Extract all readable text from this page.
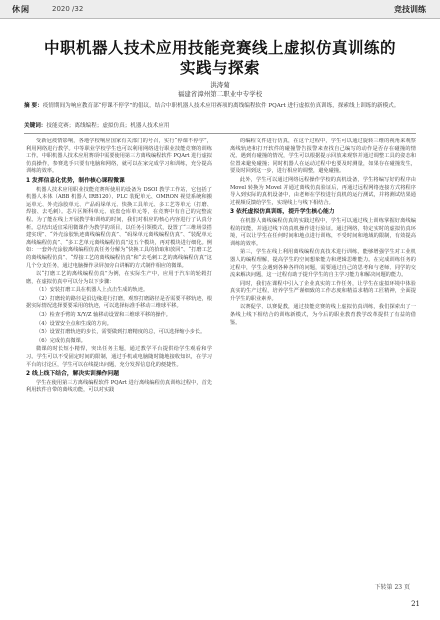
休闲	2020 /32	竞技训练
中职机器人技术应用技能竞赛线上虚拟仿真训练的
实践与探索
洪涛菊
福建省漳州第二职业中专学校
摘 要：疫情期间为响应教育部“停课不停学”的倡议，结合中职机器人技术应用赛项的离线编程软件 PQArt 进行虚拟仿真训练，探索线上训练的新模式。
关键词：技能竞赛；离线编程；虚拟仿真；机器人技术应用

受新冠疫情影响，各地学校响应国家有关部门的号召，实行“停课不停学”，利用网络进行教学。中等职业学校学生也可以利用网络进行职业技能竞赛的训练工作。中职机器人技术应用赛项中需要使用第三方离线编程软件 PQArt 进行虚拟仿真操作，参赛选手只要有电脑和网络，就可以在家完成学习和训练，充分提高训练的效率。

1 发挥信息化优势，制作核心课程微课

机器人技术应用职业技能竞赛所使用的设备为 DSOI 教学工作站，它包括了机器人本体（ABB 机器人 IRB120）、PLC 装配单元、OMRON 视觉系统和搬运单元、外壳涂胶单元、产品码垛单元、快换工具单元、多工艺等单元（打磨、焊接、去毛刺）。芯片区斯科单元、底盘仓库单元等，在竞赛中有自己的完整流程。为了能在线上开展教学和训练的时间，我们对相应的核心内容进行了认真分析。总结出适宜采用微课作为教学的项目，以任务引领模式，设置了“三维场景搭建实现”、“外壳涂胶轨迹离线编程仿真”、“码垛单元离线编程仿真”、“装配单元离线编程仿真”、“多工艺单元离线编程仿真”这五个模块，再对模块进行细化。例如：一套外壳涂胶离线编程仿真任务分解为“快换工具的拾取和放回”、“打磨工艺的离线编程仿真”、“焊接工艺的离线编程仿真”和“去毛刺工艺的离线编程仿真”这几个分支任务，通过电脑操作录屏加旁白讲解的方式制作相应的微课。

以“打磨工艺的离线编程仿真”为例，在实际生产中，应用于汽车的轮毂打磨，在虚拟仿真中可以分为以下步骤：

（1）安装打磨工具在机器人上点击生成的轨迹。

（2）打磨轮的路径是沿边缘进行打磨，观察打磨路径是否需要平移轨迹，根据实际情况选择要要采用的轨迹，可以选择标准手移动三维球平移。

（3）检查手臂的 X/Y/Z 轴移动设置和三维球平移的操作。

（4）设置安全点和生成的方向。

（5）设置打磨轨迹的步长，需要做到打磨精度的总，可以选择缩小步长。

（6）完成仿真微课。

微课的时长短小精悍，突出任务主题，通过教学平台提供给学生观看和学习。学生可以不受固定时间的限制，通过手机或电脑随时随地接收知识，在学习平台的讨论区，学生可以在线提出问题，充分发挥信息化的便捷性。

2 线上线下结合，解决实训操作问题

学生在使用第三方离线编程软件 PQArt 进行离线编程仿真训练过程中，首先利用软件自带的离线功能，可以对实践

的编程文件进行仿真，在这个过程中，学生可以通过旋转三维的视角来观察离线轨迹和打开软件的碰撞警告报警来查找自己编写的动作是否存在碰撞的情况。遇到有碰撞的情况，学生可以根据提示回放来观察并通过调整工具的姿态和位置来避免碰撞；同时机器人在运动过程中也要及时测量，如果存在碰撞发生，要及时回到这一步，进行相应的调整，避免碰撞。

此外，学生可以通过网络远程操作学校的真机设备，学生将编写好的程序由 Movel 转换为 Movel 并通过离线仿真验证后，再通过远程网络连接方式将程序导入到实际的真机设备中，由老师在学校进行真机的运行测试，并将测试结果通过视频反馈给学生，实现线上与线下相结合。

3 依托虚拟仿真训练，提升学生核心能力

在机器人离线编程仿真的实践过程中，学生可以通过线上训练掌握好离线编程的技能，并通过线下的真机操作进行验证。通过网络，特定实时的虚拟仿真环境，可以让学生在任何时间和地点进行训练，不受时间和地域的限制，有效提高训练的效率。

第三，学生在线上利用离线编程仿真技术进行训练，能够增强学生对工业机器人的编程理解，提高学生的空间想象能力和逻辑思维能力。在完成训练任务的过程中，学生会遇到各种各样的问题，需要通过自己的思考和与老师、同学的交流来解决问题，这一过程有助于提升学生的自主学习能力和解决问题的能力。

同时，我们在课程中引入了企业真实的工作任务，让学生在虚拟环境中体验真实的生产过程，培养学生严谨细致的工作态度和精益求精的工匠精神，全面提升学生的职业素养。

以赛促学、以赛促教，通过技能竞赛的线上虚拟仿真训练，我们探索出了一条线上线下相结合的训练新模式，为今后的职业教育教学改革提供了有益的借鉴。

下转第 23 页
21
